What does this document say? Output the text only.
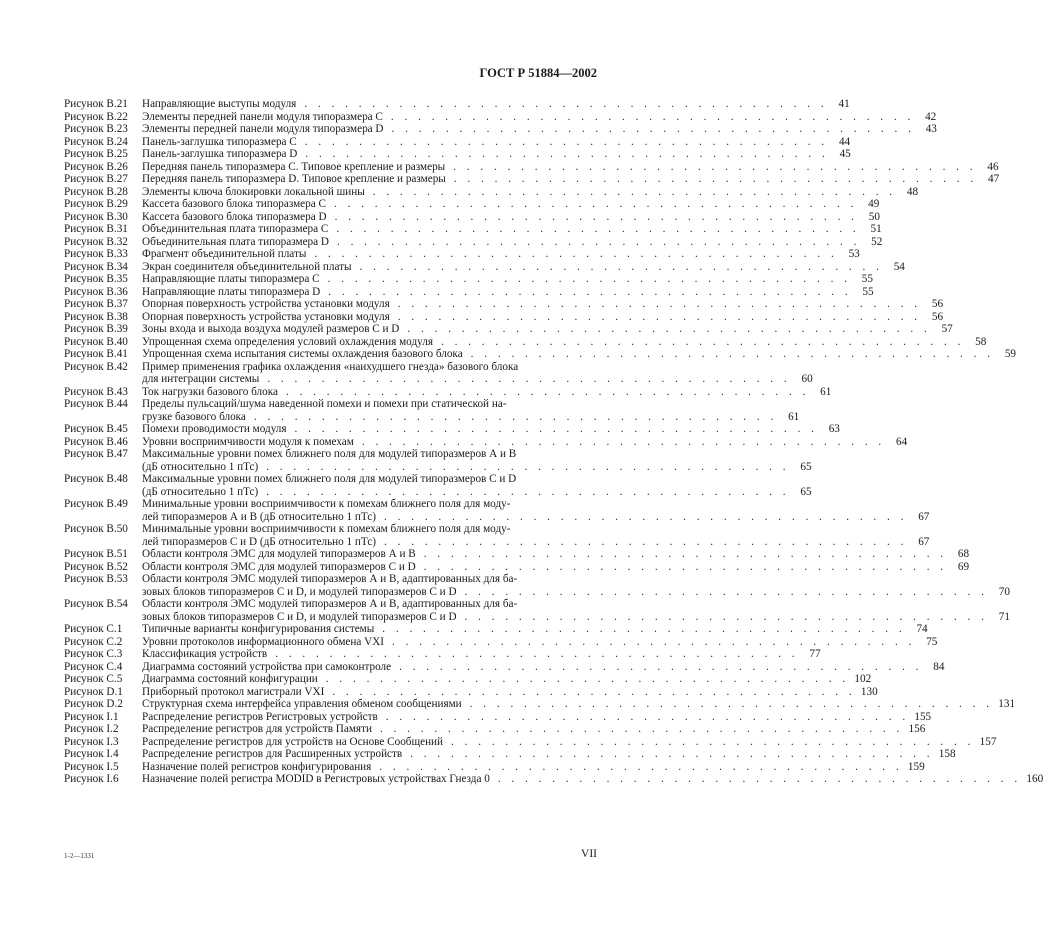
ГОСТ Р 51884—2002
Рисунок В.21	Направляющие выступы модуля . . . . . . . . . . . . . . . . . . . . . . . . . . . . . . . . . . . . . . . 41
Рисунок В.22	Элементы передней панели модуля типоразмера С . . . . . . . . . . . . . . . . . . . . . . . . . . . . . . . . . . . . . . . 42
Рисунок В.23	Элементы передней панели модуля типоразмера D . . . . . . . . . . . . . . . . . . . . . . . . . . . . . . . . . . . . . . . 43
Рисунок В.24	Панель-заглушка типоразмера С . . . . . . . . . . . . . . . . . . . . . . . . . . . . . . . . . . . . . . . 44
Рисунок В.25	Панель-заглушка типоразмера D . . . . . . . . . . . . . . . . . . . . . . . . . . . . . . . . . . . . . . . 45
Рисунок В.26	Передняя панель типоразмера С. Типовое крепление и размеры . . . . . . . . . . . . . . . . . . . . . . . . . . . . . . . . . . . . . . . 46
Рисунок В.27	Передняя панель типоразмера D. Типовое крепление и размеры . . . . . . . . . . . . . . . . . . . . . . . . . . . . . . . . . . . . . . . 47
Рисунок В.28	Элементы ключа блокировки локальной шины . . . . . . . . . . . . . . . . . . . . . . . . . . . . . . . . . . . . . . . 48
Рисунок В.29	Кассета базового блока типоразмера С . . . . . . . . . . . . . . . . . . . . . . . . . . . . . . . . . . . . . . . 49
Рисунок В.30	Кассета базового блока типоразмера D . . . . . . . . . . . . . . . . . . . . . . . . . . . . . . . . . . . . . . . 50
Рисунок В.31	Объединительная плата типоразмера С . . . . . . . . . . . . . . . . . . . . . . . . . . . . . . . . . . . . . . . 51
Рисунок В.32	Объединительная плата типоразмера D . . . . . . . . . . . . . . . . . . . . . . . . . . . . . . . . . . . . . . . 52
Рисунок В.33	Фрагмент объединительной платы . . . . . . . . . . . . . . . . . . . . . . . . . . . . . . . . . . . . . . . 53
Рисунок В.34	Экран соединителя объединительной платы . . . . . . . . . . . . . . . . . . . . . . . . . . . . . . . . . . . . . . . 54
Рисунок В.35	Направляющие платы типоразмера С . . . . . . . . . . . . . . . . . . . . . . . . . . . . . . . . . . . . . . . 55
Рисунок В.36	Направляющие платы типоразмера D . . . . . . . . . . . . . . . . . . . . . . . . . . . . . . . . . . . . . . . 55
Рисунок В.37	Опорная поверхность устройства установки модуля . . . . . . . . . . . . . . . . . . . . . . . . . . . . . . . . . . . . . . . 56
Рисунок В.38	Опорная поверхность устройства установки модуля . . . . . . . . . . . . . . . . . . . . . . . . . . . . . . . . . . . . . . . 56
Рисунок В.39	Зоны входа и выхода воздуха модулей размеров С и D . . . . . . . . . . . . . . . . . . . . . . . . . . . . . . . . . . . . . . . 57
Рисунок В.40	Упрощенная схема определения условий охлаждения модуля . . . . . . . . . . . . . . . . . . . . . . . . . . . . . . . . . . . . . . . 58
Рисунок В.41	Упрощенная схема испытания системы охлаждения базового блока . . . . . . . . . . . . . . . . . . . . . . . . . . . . . . . . . . . . . . . 59
Рисунок В.42	Пример применения графика охлаждения «наихудшего гнезда» базового блока
для интеграции системы . . . . . . . . . . . . . . . . . . . . . . . . . . . . . . . . . . . . . . . 60
Рисунок В.43	Ток нагрузки базового блока . . . . . . . . . . . . . . . . . . . . . . . . . . . . . . . . . . . . . . . 61
Рисунок В.44	Пределы пульсаций/шума наведенной помехи и помехи при статической на-
грузке базового блока . . . . . . . . . . . . . . . . . . . . . . . . . . . . . . . . . . . . . . . 61
Рисунок В.45	Помехи проводимости модуля . . . . . . . . . . . . . . . . . . . . . . . . . . . . . . . . . . . . . . . 63
Рисунок В.46	Уровни восприимчивости модуля к помехам . . . . . . . . . . . . . . . . . . . . . . . . . . . . . . . . . . . . . . . 64
Рисунок В.47	Максимальные уровни помех ближнего поля для модулей типоразмеров А и В
(дБ относительно 1 пТс) . . . . . . . . . . . . . . . . . . . . . . . . . . . . . . . . . . . . . . . 65
Рисунок В.48	Максимальные уровни помех ближнего поля для модулей типоразмеров С и D
(дБ относительно 1 пТс) . . . . . . . . . . . . . . . . . . . . . . . . . . . . . . . . . . . . . . . 65
Рисунок В.49	Минимальные уровни восприимчивости к помехам ближнего поля для моду-
лей типоразмеров А и В (дБ относительно 1 пТс) . . . . . . . . . . . . . . . . . . . . . . . . . . . . . . . . . . . . . . . 67
Рисунок В.50	Минимальные уровни восприимчивости к помехам ближнего поля для моду-
лей типоразмеров С и D (дБ относительно 1 пТс) . . . . . . . . . . . . . . . . . . . . . . . . . . . . . . . . . . . . . . . 67
Рисунок В.51	Области контроля ЭМС для модулей типоразмеров А и В . . . . . . . . . . . . . . . . . . . . . . . . . . . . . . . . . . . . . . . 68
Рисунок В.52	Области контроля ЭМС для модулей типоразмеров С и D . . . . . . . . . . . . . . . . . . . . . . . . . . . . . . . . . . . . . . . 69
Рисунок В.53	Области контроля ЭМС модулей типоразмеров А и В, адаптированных для ба-
зовых блоков типоразмеров С и D, и модулей типоразмеров С и D . . . . . . . . . . . . . . . . . . . . . . . . . . . . . . . . . . . . . . . 70
Рисунок В.54	Области контроля ЭМС модулей типоразмеров А и В, адаптированных для ба-
зовых блоков типоразмеров С и D, и модулей типоразмеров С и D . . . . . . . . . . . . . . . . . . . . . . . . . . . . . . . . . . . . . . . 71
Рисунок С.1	Типичные варианты конфигурирования системы . . . . . . . . . . . . . . . . . . . . . . . . . . . . . . . . . . . . . . . 74
Рисунок С.2	Уровни протоколов информационного обмена VXI . . . . . . . . . . . . . . . . . . . . . . . . . . . . . . . . . . . . . . . 75
Рисунок С.3	Классификация устройств . . . . . . . . . . . . . . . . . . . . . . . . . . . . . . . . . . . . . . . 77
Рисунок С.4	Диаграмма состояний устройства при самоконтроле . . . . . . . . . . . . . . . . . . . . . . . . . . . . . . . . . . . . . . . 84
Рисунок С.5	Диаграмма состояний конфигурации . . . . . . . . . . . . . . . . . . . . . . . . . . . . . . . . . . . . . . . 102
Рисунок D.1	Приборный протокол магистрали VXI . . . . . . . . . . . . . . . . . . . . . . . . . . . . . . . . . . . . . . . 130
Рисунок D.2	Структурная схема интерфейса управления обменом сообщениями . . . . . . . . . . . . . . . . . . . . . . . . . . . . . . . . . . . . . . . 131
Рисунок I.1	Распределение регистров Регистровых устройств . . . . . . . . . . . . . . . . . . . . . . . . . . . . . . . . . . . . . . . 155
Рисунок I.2	Распределение регистров для устройств Памяти . . . . . . . . . . . . . . . . . . . . . . . . . . . . . . . . . . . . . . . 156
Рисунок I.3	Распределение регистров для устройств на Основе Сообщений . . . . . . . . . . . . . . . . . . . . . . . . . . . . . . . . . . . . . . . 157
Рисунок I.4	Распределение регистров для Расширенных устройств . . . . . . . . . . . . . . . . . . . . . . . . . . . . . . . . . . . . . . . 158
Рисунок I.5	Назначение полей регистров конфигурирования . . . . . . . . . . . . . . . . . . . . . . . . . . . . . . . . . . . . . . . 159
Рисунок I.6	Назначение полей регистра MODID в Регистровых устройствах Гнезда 0 . . . . . . . . . . . . . . . . . . . . . . . . . . . . . . . . . . . . . . . 160
1-2—1331	VII
